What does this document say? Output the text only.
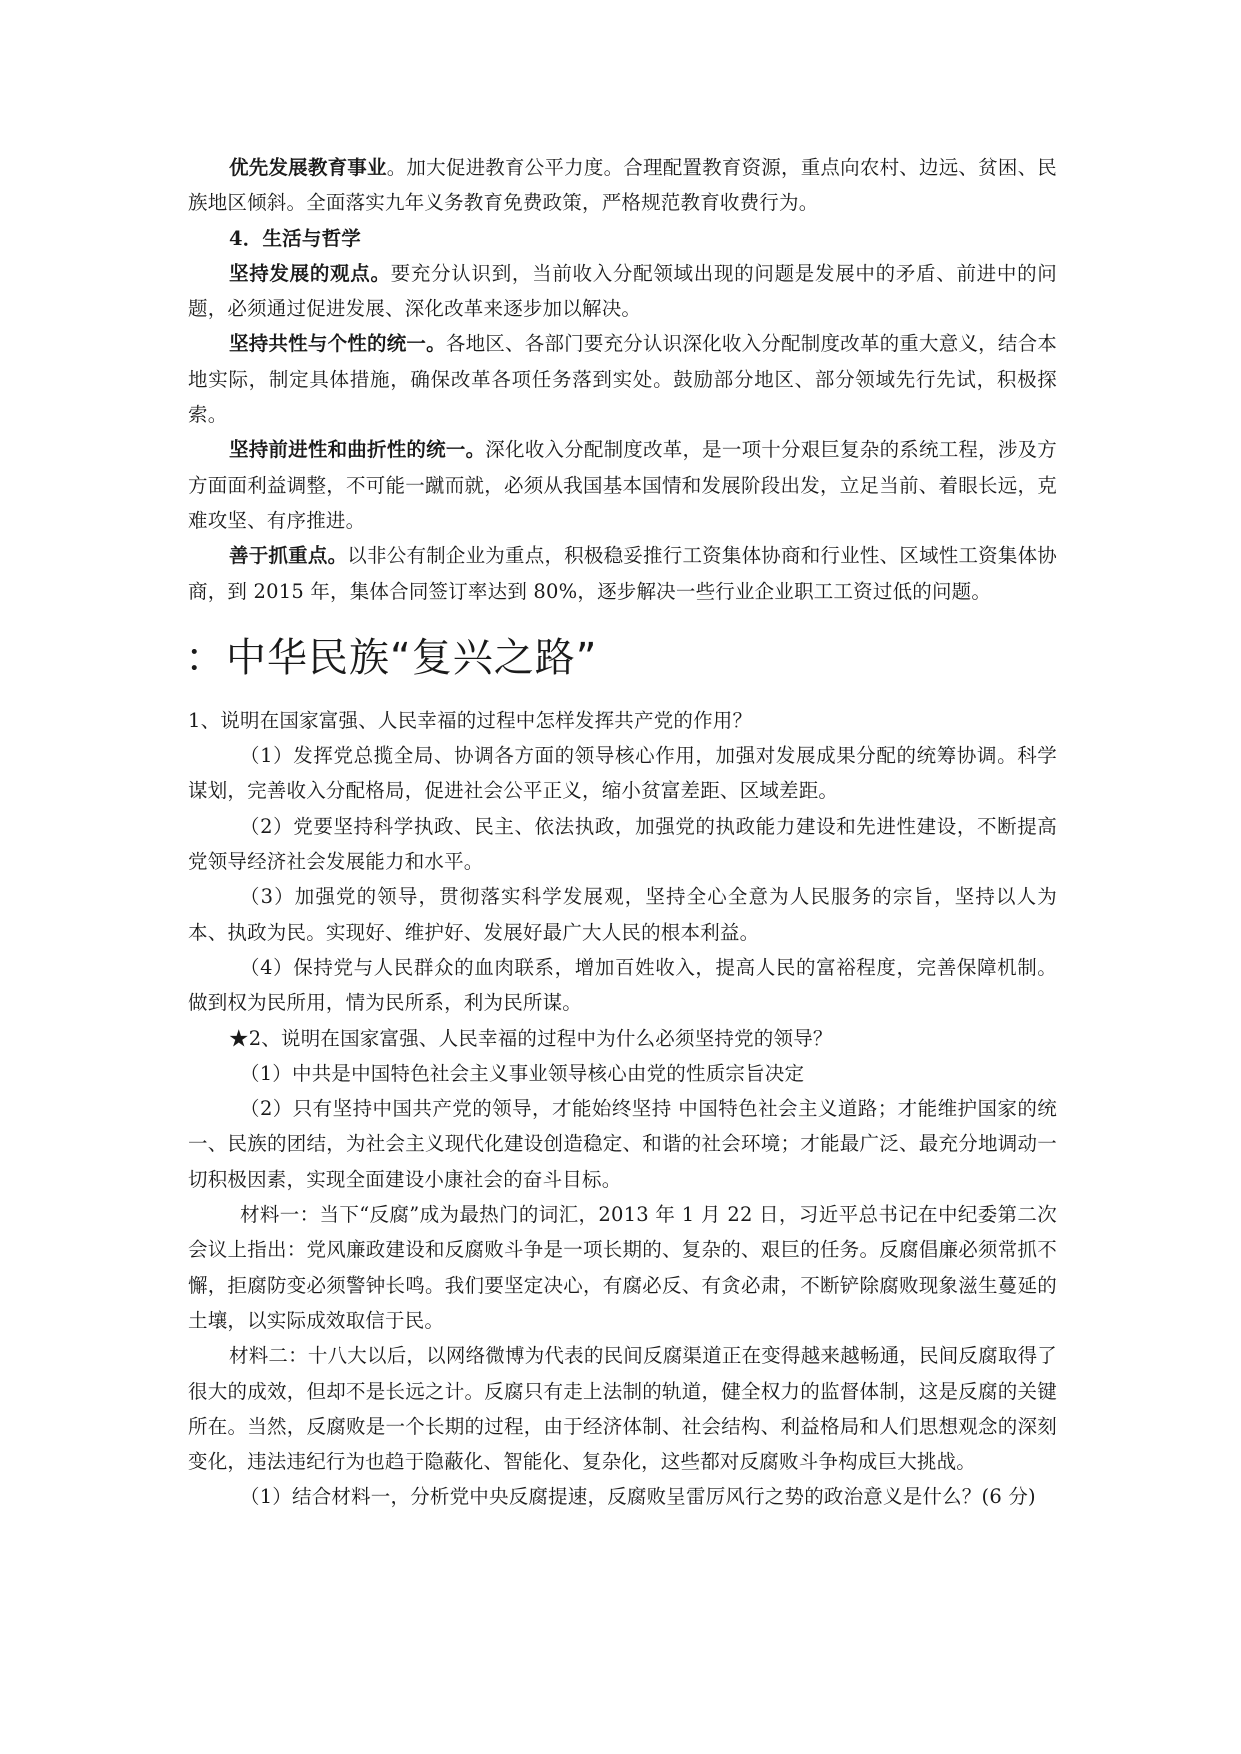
优先发展教育事业。加大促进教育公平力度。合理配置教育资源，重点向农村、边远、贫困、民族地区倾斜。全面落实九年义务教育免费政策，严格规范教育收费行为。

4．生活与哲学

坚持发展的观点。要充分认识到，当前收入分配领域出现的问题是发展中的矛盾、前进中的问题，必须通过促进发展、深化改革来逐步加以解决。

坚持共性与个性的统一。各地区、各部门要充分认识深化收入分配制度改革的重大意义，结合本地实际，制定具体措施，确保改革各项任务落到实处。鼓励部分地区、部分领域先行先试，积极探索。

坚持前进性和曲折性的统一。深化收入分配制度改革，是一项十分艰巨复杂的系统工程，涉及方方面面利益调整，不可能一蹴而就，必须从我国基本国情和发展阶段出发，立足当前、着眼长远，克难攻坚、有序推进。

善于抓重点。以非公有制企业为重点，积极稳妥推行工资集体协商和行业性、区域性工资集体协商，到 2015 年，集体合同签订率达到 80%，逐步解决一些行业企业职工工资过低的问题。

：中华民族“复兴之路”

1、说明在国家富强、人民幸福的过程中怎样发挥共产党的作用？

（1）发挥党总揽全局、协调各方面的领导核心作用，加强对发展成果分配的统筹协调。科学谋划，完善收入分配格局，促进社会公平正义，缩小贫富差距、区域差距。

（2）党要坚持科学执政、民主、依法执政，加强党的执政能力建设和先进性建设，不断提高党领导经济社会发展能力和水平。

（3）加强党的领导，贯彻落实科学发展观，坚持全心全意为人民服务的宗旨，坚持以人为本、执政为民。实现好、维护好、发展好最广大人民的根本利益。

（4）保持党与人民群众的血肉联系，增加百姓收入，提高人民的富裕程度，完善保障机制。做到权为民所用，情为民所系，利为民所谋。

★2、说明在国家富强、人民幸福的过程中为什么必须坚持党的领导？

（1）中共是中国特色社会主义事业领导核心由党的性质宗旨决定

（2）只有坚持中国共产党的领导，才能始终坚持 中国特色社会主义道路；才能维护国家的统一、民族的团结，为社会主义现代化建设创造稳定、和谐的社会环境；才能最广泛、最充分地调动一切积极因素，实现全面建设小康社会的奋斗目标。

材料一：当下“反腐”成为最热门的词汇，2013 年 1 月 22 日，习近平总书记在中纪委第二次会议上指出：党风廉政建设和反腐败斗争是一项长期的、复杂的、艰巨的任务。反腐倡廉必须常抓不懈，拒腐防变必须警钟长鸣。我们要坚定决心，有腐必反、有贪必肃，不断铲除腐败现象滋生蔓延的土壤，以实际成效取信于民。

材料二：十八大以后，以网络微博为代表的民间反腐渠道正在变得越来越畅通，民间反腐取得了很大的成效，但却不是长远之计。反腐只有走上法制的轨道，健全权力的监督体制，这是反腐的关键所在。当然，反腐败是一个长期的过程，由于经济体制、社会结构、利益格局和人们思想观念的深刻变化，违法违纪行为也趋于隐蔽化、智能化、复杂化，这些都对反腐败斗争构成巨大挑战。

（1）结合材料一，分析党中央反腐提速，反腐败呈雷厉风行之势的政治意义是什么？(6 分)
